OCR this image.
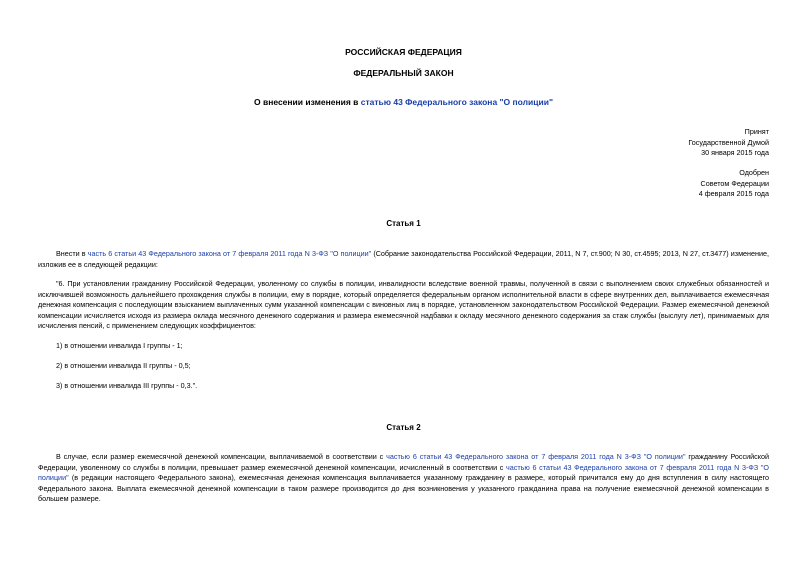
РОССИЙСКАЯ ФЕДЕРАЦИЯ
ФЕДЕРАЛЬНЫЙ ЗАКОН
О внесении изменения в статью 43 Федерального закона "О полиции"
Принят
Государственной Думой
30 января 2015 года
Одобрен
Советом Федерации
4 февраля 2015 года
Статья 1
Внести в часть 6 статьи 43 Федерального закона от 7 февраля 2011 года N 3-ФЗ "О полиции" (Собрание законодательства Российской Федерации, 2011, N 7, ст.900; N 30, ст.4595; 2013, N 27, ст.3477) изменение, изложив ее в следующей редакции:
"6. При установлении гражданину Российской Федерации, уволенному со службы в полиции, инвалидности вследствие военной травмы, полученной в связи с выполнением своих служебных обязанностей и исключившей возможность дальнейшего прохождения службы в полиции, ему в порядке, который определяется федеральным органом исполнительной власти в сфере внутренних дел, выплачивается ежемесячная денежная компенсация с последующим взысканием выплаченных сумм указанной компенсации с виновных лиц в порядке, установленном законодательством Российской Федерации. Размер ежемесячной денежной компенсации исчисляется исходя из размера оклада месячного денежного содержания и размера ежемесячной надбавки к окладу месячного денежного содержания за стаж службы (выслугу лет), принимаемых для исчисления пенсий, с применением следующих коэффициентов:
1) в отношении инвалида I группы - 1;
2) в отношении инвалида II группы - 0,5;
3) в отношении инвалида III группы - 0,3.".
Статья 2
В случае, если размер ежемесячной денежной компенсации, выплачиваемой в соответствии с частью 6 статьи 43 Федерального закона от 7 февраля 2011 года N 3-ФЗ "О полиции" гражданину Российской Федерации, уволенному со службы в полиции, превышает размер ежемесячной денежной компенсации, исчисленный в соответствии с частью 6 статьи 43 Федерального закона от 7 февраля 2011 года N 3-ФЗ "О полиции" (в редакции настоящего Федерального закона), ежемесячная денежная компенсация выплачивается указанному гражданину в размере, который причитался ему до дня вступления в силу настоящего Федерального закона. Выплата ежемесячной денежной компенсации в таком размере производится до дня возникновения у указанного гражданина права на получение ежемесячной денежной компенсации в большем размере.
